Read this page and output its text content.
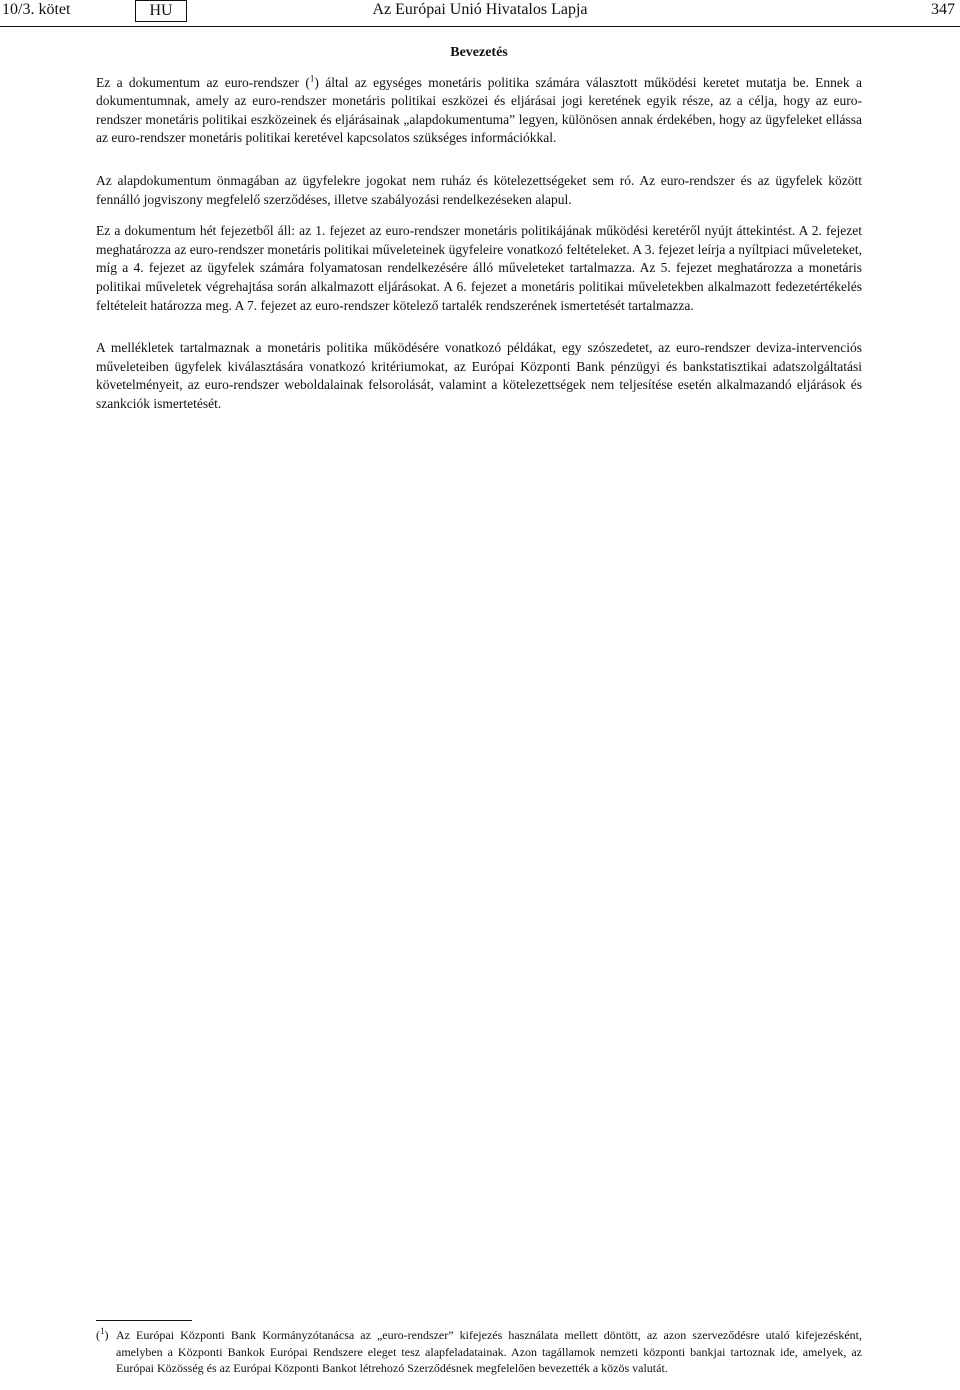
10/3. kötet	HU	Az Európai Unió Hivatalos Lapja	347
Bevezetés

Ez a dokumentum az euro-rendszer ($^1$) által az egységes monetáris politika számára választott működési keretet mutatja be. Ennek a dokumentumnak, amely az euro-rendszer monetáris politikai eszközei és eljárásai jogi keretének egyik része, az a célja, hogy az euro-rendszer monetáris politikai eszközeinek és eljárásainak „alapdokumentuma” legyen, különösen annak érdekében, hogy az ügyfeleket ellássa az euro-rendszer monetáris politikai keretével kapcsolatos szükséges információkkal.

Az alapdokumentum önmagában az ügyfelekre jogokat nem ruház és kötelezettségeket sem ró. Az euro-rendszer és az ügyfelek között fennálló jogviszony megfelelő szerződéses, illetve szabályozási rendelkezéseken alapul.

Ez a dokumentum hét fejezetből áll: az 1. fejezet az euro-rendszer monetáris politikájának működési keretéről nyújt áttekintést. A 2. fejezet meghatározza az euro-rendszer monetáris politikai műveleteinek ügyfeleire vonatkozó feltételeket. A 3. fejezet leírja a nyíltpiaci műveleteket, míg a 4. fejezet az ügyfelek számára folyamatosan rendelkezésére álló műveleteket tartalmazza. Az 5. fejezet meghatározza a monetáris politikai műveletek végrehajtása során alkalmazott eljárásokat. A 6. fejezet a monetáris politikai műveletekben alkalmazott fedezetértékelés feltételeit határozza meg. A 7. fejezet az euro-rendszer kötelező tartalék rendszerének ismertetését tartalmazza.

A mellékletek tartalmaznak a monetáris politika működésére vonatkozó példákat, egy szószedetet, az euro-rendszer deviza-intervenciós műveleteiben ügyfelek kiválasztására vonatkozó kritériumokat, az Európai Központi Bank pénzügyi és bankstatisztikai adatszolgáltatási követelményeit, az euro-rendszer weboldalainak felsorolását, valamint a kötelezettségek nem teljesítése esetén alkalmazandó eljárások és szankciók ismertetését.

($^1$) Az Európai Központi Bank Kormányzótanácsa az „euro-rendszer” kifejezés használata mellett döntött, az azon szerveződésre utaló kifejezésként, amelyben a Központi Bankok Európai Rendszere eleget tesz alapfeladatainak. Azon tagállamok nemzeti központi bankjai tartoznak ide, amelyek, az Európai Közösség és az Európai Központi Bankot létrehozó Szerződésnek megfelelően bevezették a közös valutát.
